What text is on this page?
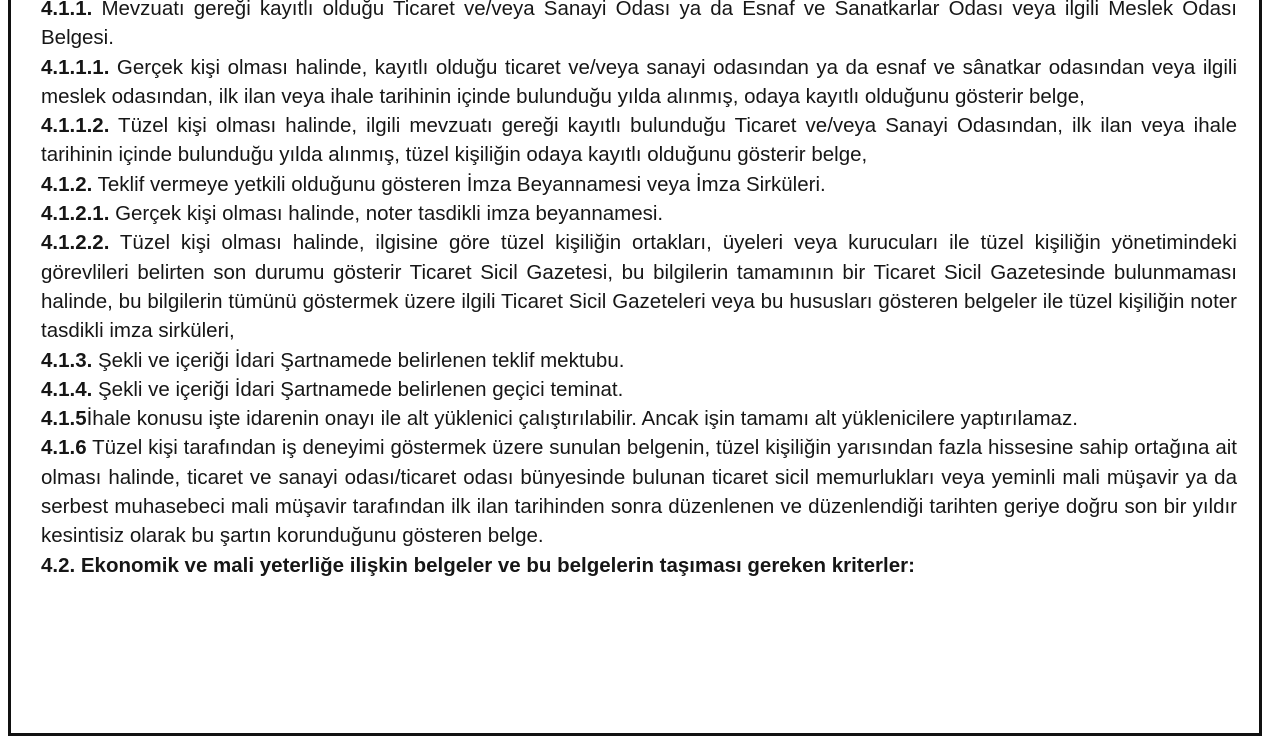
4.1.1. Mevzuatı gereği kayıtlı olduğu Ticaret ve/veya Sanayi Odası ya da Esnaf ve Sanatkarlar Odası veya ilgili Meslek Odası Belgesi.

4.1.1.1. Gerçek kişi olması halinde, kayıtlı olduğu ticaret ve/veya sanayi odasından ya da esnaf ve sânatkar odasından veya ilgili meslek odasından, ilk ilan veya ihale tarihinin içinde bulunduğu yılda alınmış, odaya kayıtlı olduğunu gösterir belge,

4.1.1.2. Tüzel kişi olması halinde, ilgili mevzuatı gereği kayıtlı bulunduğu Ticaret ve/veya Sanayi Odasından, ilk ilan veya ihale tarihinin içinde bulunduğu yılda alınmış, tüzel kişiliğin odaya kayıtlı olduğunu gösterir belge,

4.1.2. Teklif vermeye yetkili olduğunu gösteren İmza Beyannamesi veya İmza Sirküleri.

4.1.2.1. Gerçek kişi olması halinde, noter tasdikli imza beyannamesi.

4.1.2.2. Tüzel kişi olması halinde, ilgisine göre tüzel kişiliğin ortakları, üyeleri veya kurucuları ile tüzel kişiliğin yönetimindeki görevlileri belirten son durumu gösterir Ticaret Sicil Gazetesi, bu bilgilerin tamamının bir Ticaret Sicil Gazetesinde bulunmaması halinde, bu bilgilerin tümünü göstermek üzere ilgili Ticaret Sicil Gazeteleri veya bu hususları gösteren belgeler ile tüzel kişiliğin noter tasdikli imza sirküleri,

4.1.3. Şekli ve içeriği İdari Şartnamede belirlenen teklif mektubu.

4.1.4. Şekli ve içeriği İdari Şartnamede belirlenen geçici teminat.

4.1.5İhale konusu işte idarenin onayı ile alt yüklenici çalıştırılabilir. Ancak işin tamamı alt yüklenicilere yaptırılamaz.

4.1.6 Tüzel kişi tarafından iş deneyimi göstermek üzere sunulan belgenin, tüzel kişiliğin yarısından fazla hissesine sahip ortağına ait olması halinde, ticaret ve sanayi odası/ticaret odası bünyesinde bulunan ticaret sicil memurlukları veya yeminli mali müşavir ya da serbest muhasebeci mali müşavir tarafından ilk ilan tarihinden sonra düzenlenen ve düzenlendiği tarihten geriye doğru son bir yıldır kesintisiz olarak bu şartın korunduğunu gösteren belge.

4.2. Ekonomik ve mali yeterliğe ilişkin belgeler ve bu belgelerin taşıması gereken kriterler:
